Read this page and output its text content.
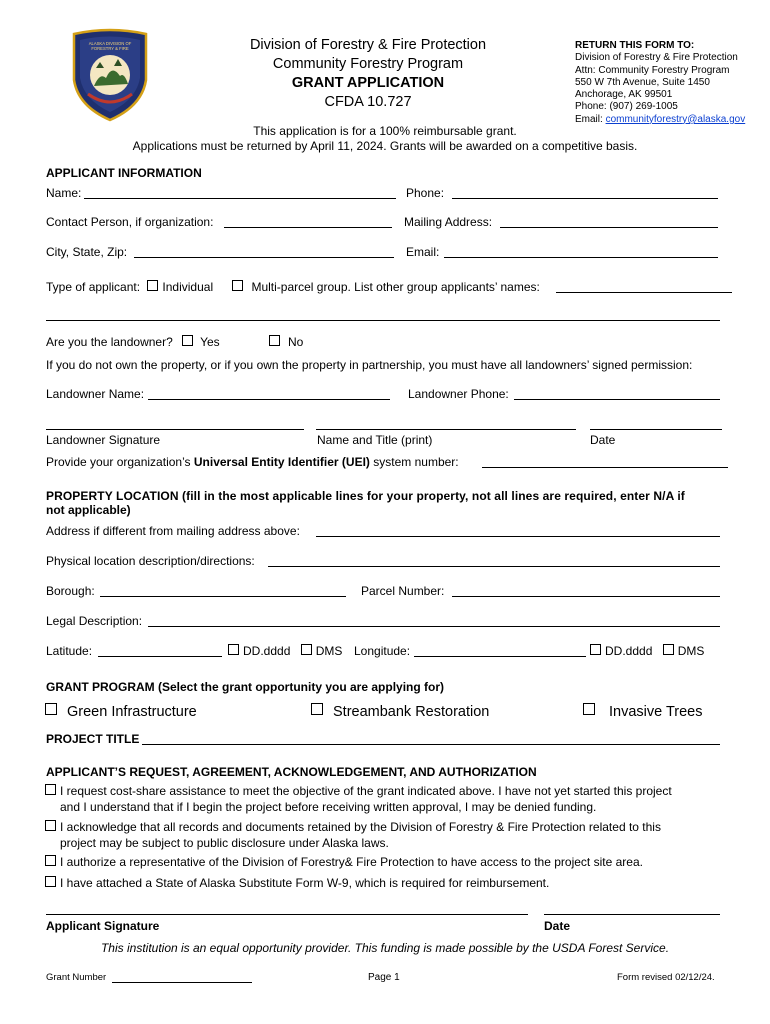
ALASKA DIVISION OF
FORESTRY & FIRE	Division of Forestry & Fire Protection
Community Forestry Program
GRANT APPLICATION
CFDA 10.727
RETURN THIS FORM TO:
Division of Forestry & Fire Protection
Attn: Community Forestry Program
550 W 7th Avenue, Suite 1450
Anchorage, AK 99501
Phone: (907) 269-1005
Email: communityforestry@alaska.gov
This application is for a 100% reimbursable grant.
Applications must be returned by April 11, 2024. Grants will be awarded on a competitive basis.
APPLICANT INFORMATION
Name:	Phone:
Contact Person, if organization:	Mailing Address:
City, State, Zip:	Email:
Type of applicant: Individual	Multi-parcel group. List other group applicants’ names:
Are you the landowner? Yes	No
If you do not own the property, or if you own the property in partnership, you must have all landowners’ signed permission:
Landowner Name:	Landowner Phone:
Landowner Signature	Name and Title (print)	Date
Provide your organization’s Universal Entity Identifier (UEI) system number:
PROPERTY LOCATION (fill in the most applicable lines for your property, not all lines are required, enter N/A if
not applicable)
Address if different from mailing address above:
Physical location description/directions:
Borough:	Parcel Number:
Legal Description:
Latitude:	DD.dddd DMS Longitude:	DD.dddd DMS
GRANT PROGRAM (Select the grant opportunity you are applying for)
Green Infrastructure	Streambank Restoration	Invasive Trees
PROJECT TITLE
APPLICANT’S REQUEST, AGREEMENT, ACKNOWLEDGEMENT, AND AUTHORIZATION
I request cost-share assistance to meet the objective of the grant indicated above. I have not yet started this project
and I understand that if I begin the project before receiving written approval, I may be denied funding.
I acknowledge that all records and documents retained by the Division of Forestry & Fire Protection related to this
project may be subject to public disclosure under Alaska laws.
I authorize a representative of the Division of Forestry& Fire Protection to have access to the project site area.
I have attached a State of Alaska Substitute Form W-9, which is required for reimbursement.
Applicant Signature	Date
This institution is an equal opportunity provider. This funding is made possible by the USDA Forest Service.
Grant Number	Page 1	Form revised 02/12/24.
